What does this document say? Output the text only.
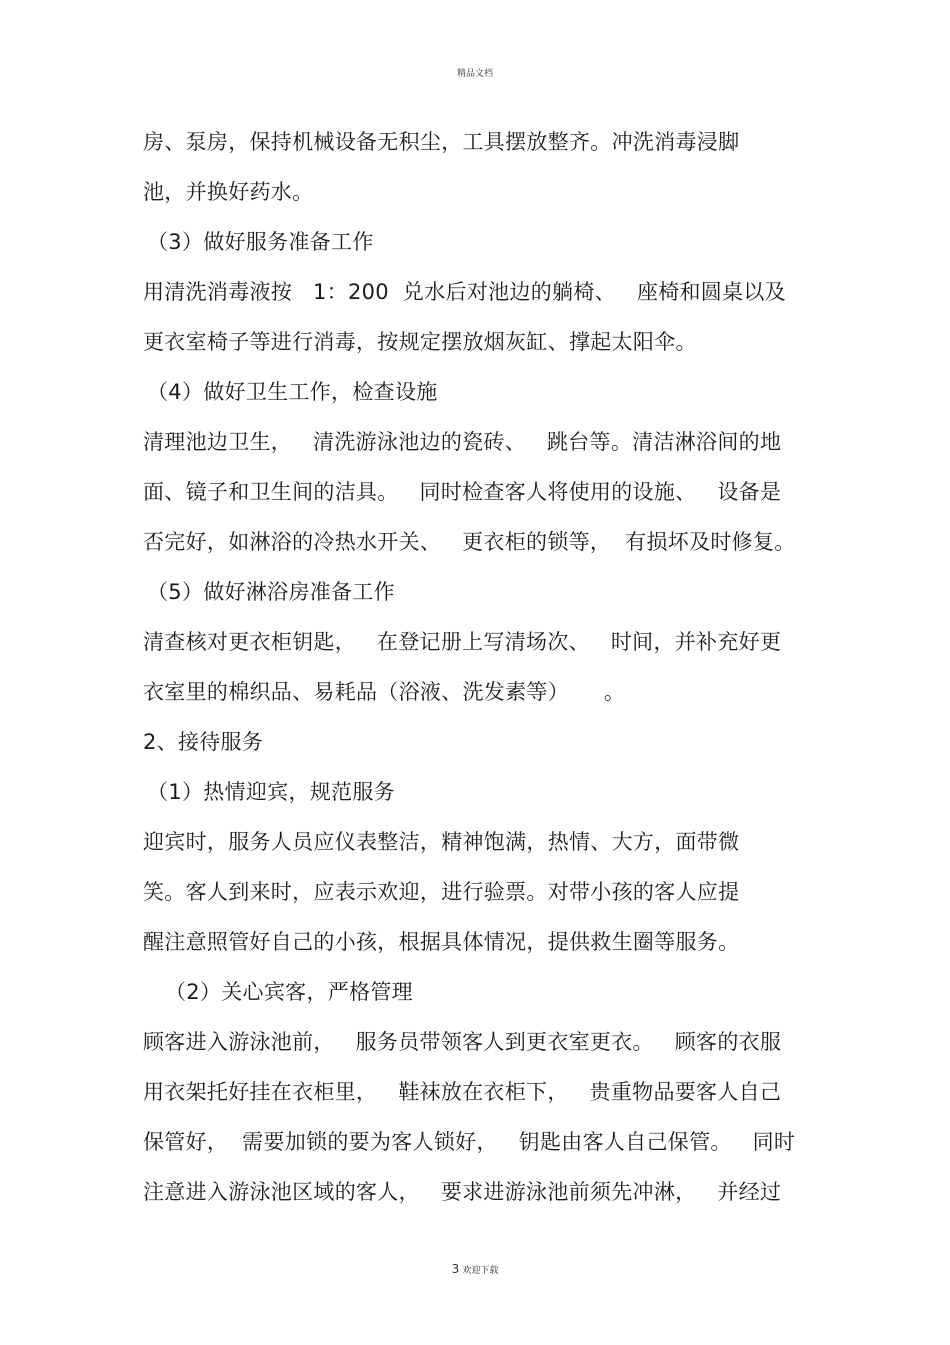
精品文档
房、泵房，保持机械设备无积尘，工具摆放整齐。冲洗消毒浸脚
池，并换好药水。
（3）做好服务准备工作
用清洗消毒液按   1：200  兑水后对池边的躺椅、   座椅和圆桌以及
更衣室椅子等进行消毒，按规定摆放烟灰缸、撑起太阳伞。
（4）做好卫生工作，检查设施
清理池边卫生，   清洗游泳池边的瓷砖、   跳台等。清洁淋浴间的地
面、镜子和卫生间的洁具。   同时检查客人将使用的设施、   设备是
否完好，如淋浴的冷热水开关、   更衣柜的锁等，  有损坏及时修复。
（5）做好淋浴房准备工作
清查核对更衣柜钥匙，   在登记册上写清场次、   时间，并补充好更
衣室里的棉织品、易耗品（浴液、洗发素等）     。
2、接待服务
（1）热情迎宾，规范服务
迎宾时，服务人员应仪表整洁，精神饱满，热情、大方，面带微
笑。客人到来时，应表示欢迎，进行验票。对带小孩的客人应提
醒注意照管好自己的小孩，根据具体情况，提供救生圈等服务。
（2）关心宾客，严格管理
顾客进入游泳池前，   服务员带领客人到更衣室更衣。   顾客的衣服
用衣架托好挂在衣柜里，   鞋袜放在衣柜下，   贵重物品要客人自己
保管好，  需要加锁的要为客人锁好，   钥匙由客人自己保管。   同时
注意进入游泳池区域的客人，   要求进游泳池前须先冲淋，   并经过
3 欢迎下载
